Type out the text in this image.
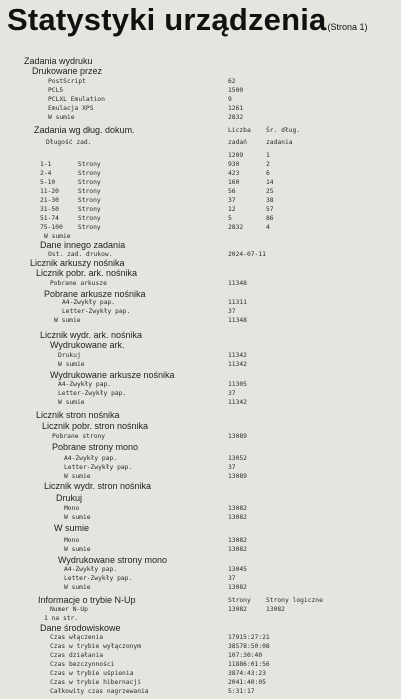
Statystyki urządzenia(Strona 1)
Zadania wydruku
Drukowane przez
PostScript	62
PCL5	1500
PCLXL Emulation	9
Emulacja XPS	1261
W sumie	2832
Zadania wg dług. dokum.	Liczba Śr. dług.
Długość zad.	zadań	zadania
1209	1
1-1       Strony	930	2
2-4       Strony	423	6
5-10      Strony	160	14
11-20     Strony	56	25
21-30     Strony	37	38
31-50     Strony	12	57
51-74     Strony	5	86
75-100    Strony	2832	4
W sumie
Dane innego zadania
Ost. zad. drukow.	2024-07-11
Licznik arkuszy nośnika
Licznik pobr. ark. nośnika
Pobrane arkusze	11348
Pobrane arkusze nośnika
A4-Zwykły pap.	11311
Letter-Zwykły pap.	37
W sumie	11348
Licznik wydr. ark. nośnika
Wydrukowane ark.
Drukuj	11342
W sumie	11342
Wydrukowane arkusze nośnika
A4-Zwykły pap.	11305
Letter-Zwykły pap.	37
W sumie	11342
Licznik stron nośnika
Licznik pobr. stron nośnika
Pobrane strony	13089
Pobrane strony mono
A4-Zwykły pap.	13052
Letter-Zwykły pap.	37
W sumie	13089
Licznik wydr. stron nośnika
Drukuj
Mono	13082
W sumie	13082
W sumie
Mono	13082
W sumie	13082
Wydrukowane strony mono
A4-Zwykły pap.	13045
Letter-Zwykły pap.	37
W sumie	13082
Informacje o trybie N-Up	Strony Strony logiczne
Numer N-Up	13082	13082
1 na str.
Dane środowiskowe
Czas włączenia	17915:27:21
Czas w trybie wyłączonym	38578:50:08
Czas działania	107:30:40
Czas bezczynności	11886:01:56
Czas w trybie uśpienia	3874:43:23
Czas w trybie hibernacji	2041:40:05
Całkowity czas nagrzewania	5:31:17
